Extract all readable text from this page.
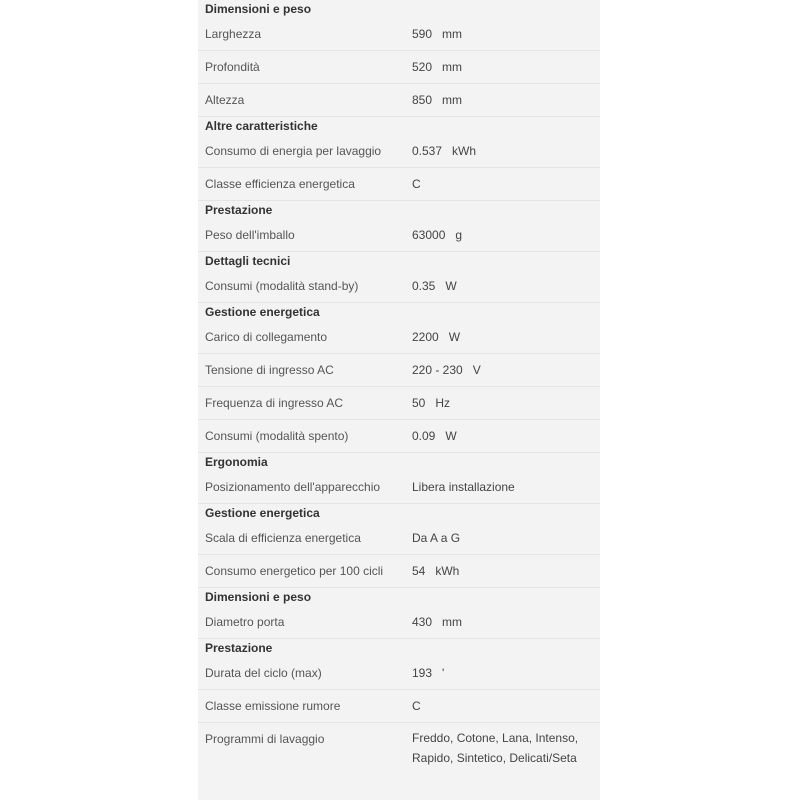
Dimensioni e peso
Larghezza	590   mm
Profondità	520   mm
Altezza	850   mm
Altre caratteristiche
Consumo di energia per lavaggio	0.537   kWh
Classe efficienza energetica	C
Prestazione
Peso dell'imballo	63000   g
Dettagli tecnici
Consumi (modalità stand-by)	0.35   W
Gestione energetica
Carico di collegamento	2200   W
Tensione di ingresso AC	220 - 230   V
Frequenza di ingresso AC	50   Hz
Consumi (modalità spento)	0.09   W
Ergonomia
Posizionamento dell'apparecchio	Libera installazione
Gestione energetica
Scala di efficienza energetica	Da A a G
Consumo energetico per 100 cicli 54   kWh
Dimensioni e peso
Diametro porta	430   mm
Prestazione
Durata del ciclo (max)	193   '
Classe emissione rumore	C
Programmi di lavaggio	Freddo, Cotone, Lana, Intenso, Rapido, Sintetico, Delicati/Seta
